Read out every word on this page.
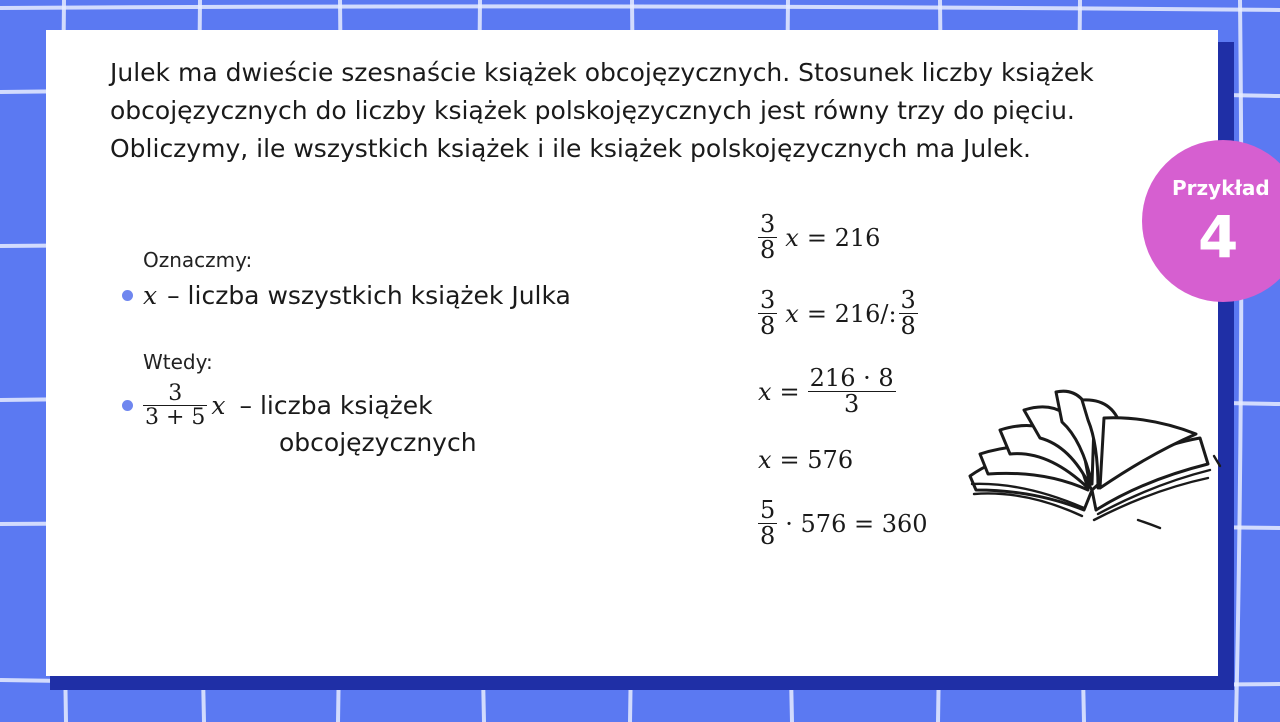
Julek ma dwieście szesnaście książek obcojęzycznych. Stosunek liczby książek obcojęzycznych do liczby książek polskojęzycznych jest równy trzy do pięciu. Obliczymy, ile wszystkich książek i ile książek polskojęzycznych ma Julek.

Oznaczmy:
x – liczba wszystkich książek Julka
Wtedy:
$\frac{3}{3 + 5}$ x – liczba książek
obcojęzycznych
$\frac{3}{8}$ x = 216
$\frac{3}{8}$ x = 216/: $\frac{3}{8}$
$x = \frac{216 \cdot 8}{3}$
x = 576
$\frac{5}{8} \cdot 576 = 360$
Przykład
4
